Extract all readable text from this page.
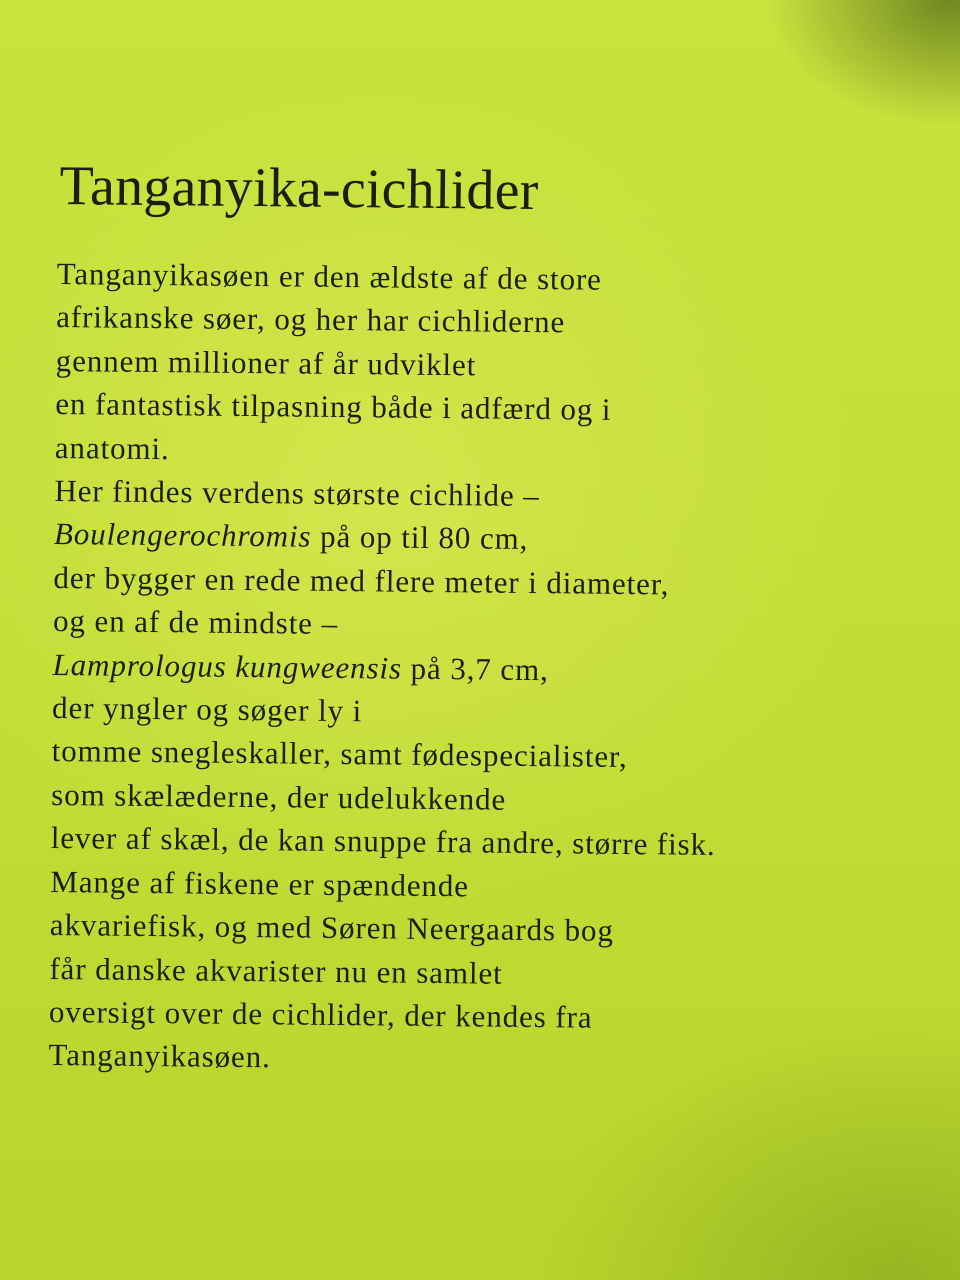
Tanganyika-cichlider
Tanganyikasøen er den ældste af de store
afrikanske søer, og her har cichliderne
gennem millioner af år udviklet
en fantastisk tilpasning både i adfærd og i
anatomi.
Her findes verdens største cichlide –
Boulengerochromis på op til 80 cm,
der bygger en rede med flere meter i diameter,
og en af de mindste –
Lamprologus kungweensis på 3,7 cm,
der yngler og søger ly i
tomme snegleskaller, samt fødespecialister,
som skælæderne, der udelukkende
lever af skæl, de kan snuppe fra andre, større fisk.
Mange af fiskene er spændende
akvariefisk, og med Søren Neergaards bog
får danske akvarister nu en samlet
oversigt over de cichlider, der kendes fra
Tanganyikasøen.
